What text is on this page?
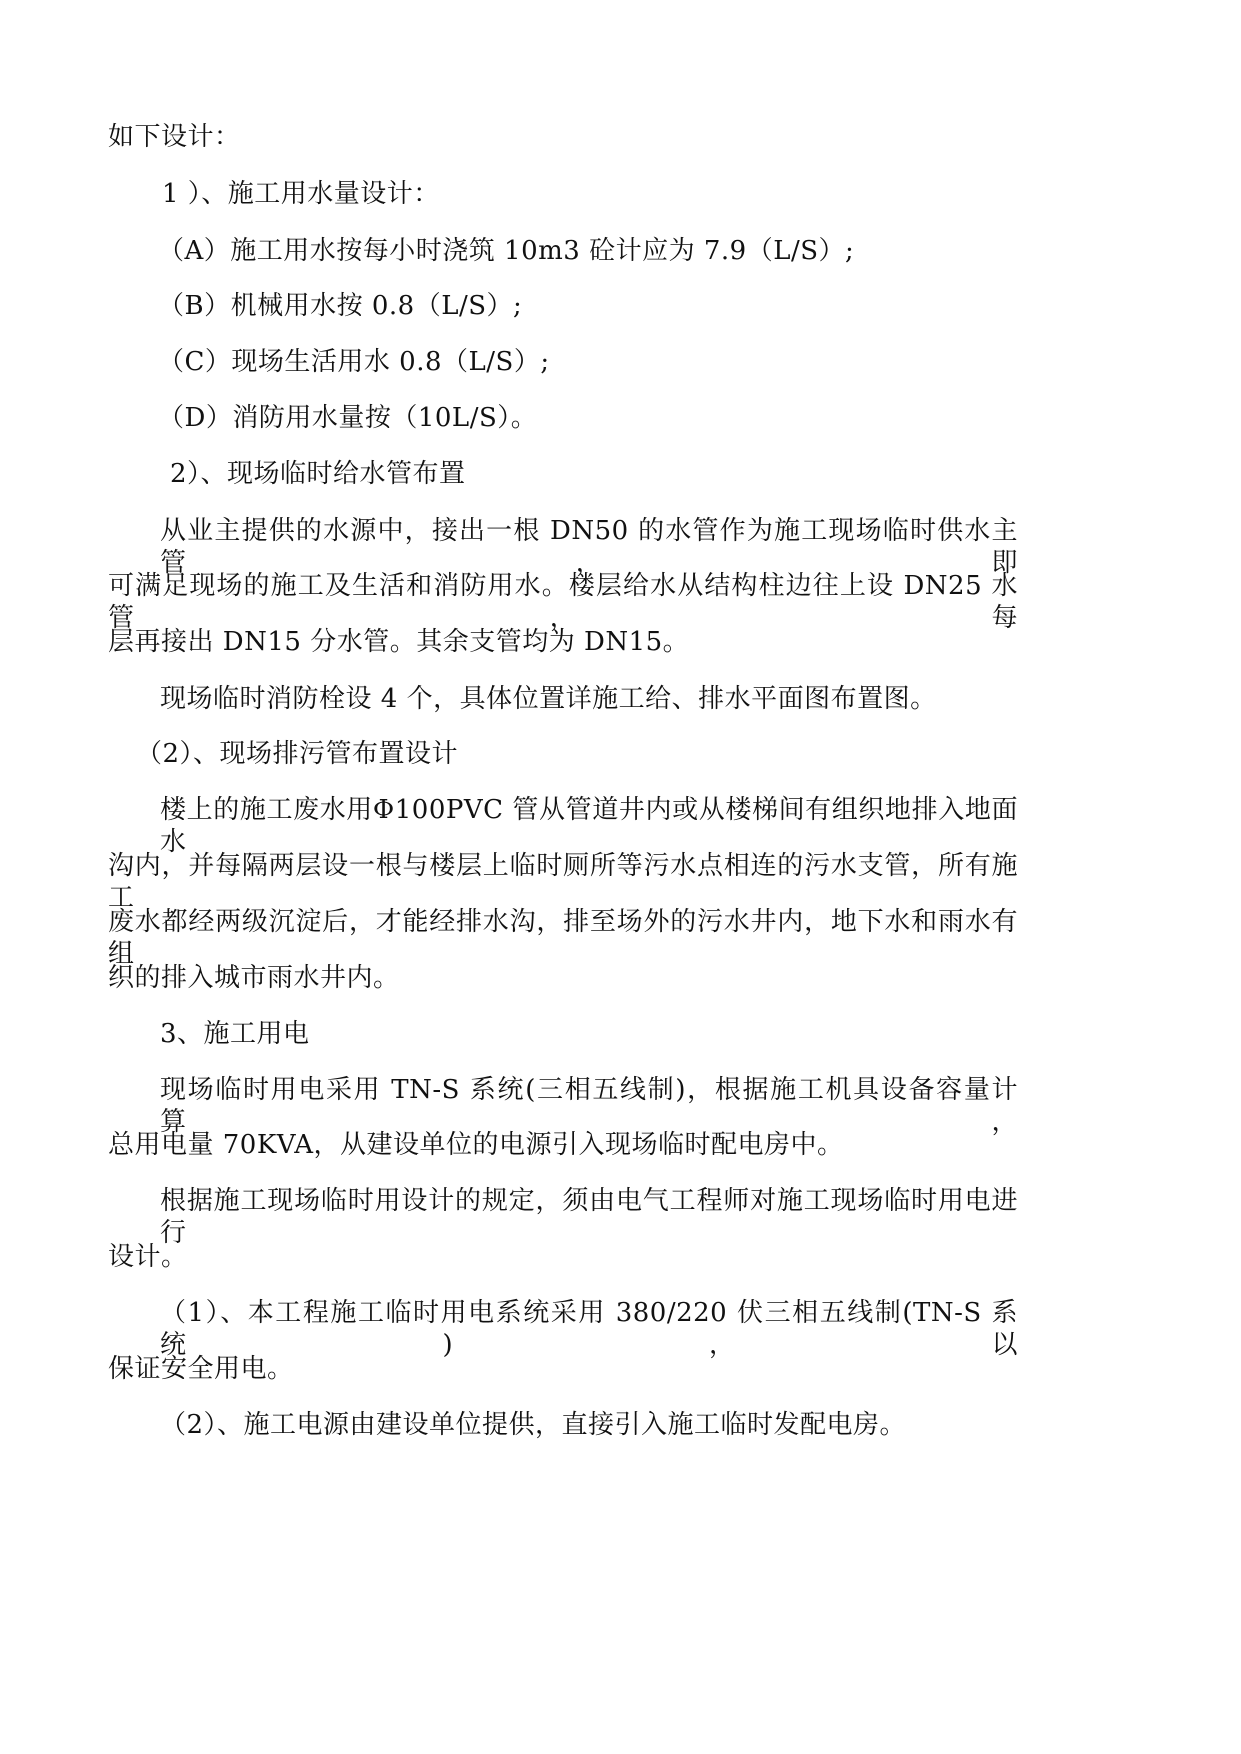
如下设计：
1 ）、施工用水量设计：
（A）施工用水按每小时浇筑 10m3 砼计应为 7.9（L/S）;
（B）机械用水按 0.8（L/S）;
（C）现场生活用水 0.8（L/S）;
（D）消防用水量按（10L/S）。
2）、现场临时给水管布置
从业主提供的水源中，接出一根 DN50 的水管作为施工现场临时供水主管，即
可满足现场的施工及生活和消防用水。楼层给水从结构柱边往上设 DN25 水管，每
层再接出 DN15 分水管。其余支管均为 DN15。
现场临时消防栓设 4 个，具体位置详施工给、排水平面图布置图。
（2）、现场排污管布置设计
楼上的施工废水用Φ100PVC 管从管道井内或从楼梯间有组织地排入地面水
沟内，并每隔两层设一根与楼层上临时厕所等污水点相连的污水支管，所有施工
废水都经两级沉淀后，才能经排水沟，排至场外的污水井内，地下水和雨水有组
织的排入城市雨水井内。
3、施工用电
现场临时用电采用 TN-S 系统(三相五线制)，根据施工机具设备容量计算，
总用电量 70KVA，从建设单位的电源引入现场临时配电房中。
根据施工现场临时用设计的规定，须由电气工程师对施工现场临时用电进行
设计。
（1）、本工程施工临时用电系统采用 380/220 伏三相五线制(TN-S 系统)，以
保证安全用电。
（2）、施工电源由建设单位提供，直接引入施工临时发配电房。
